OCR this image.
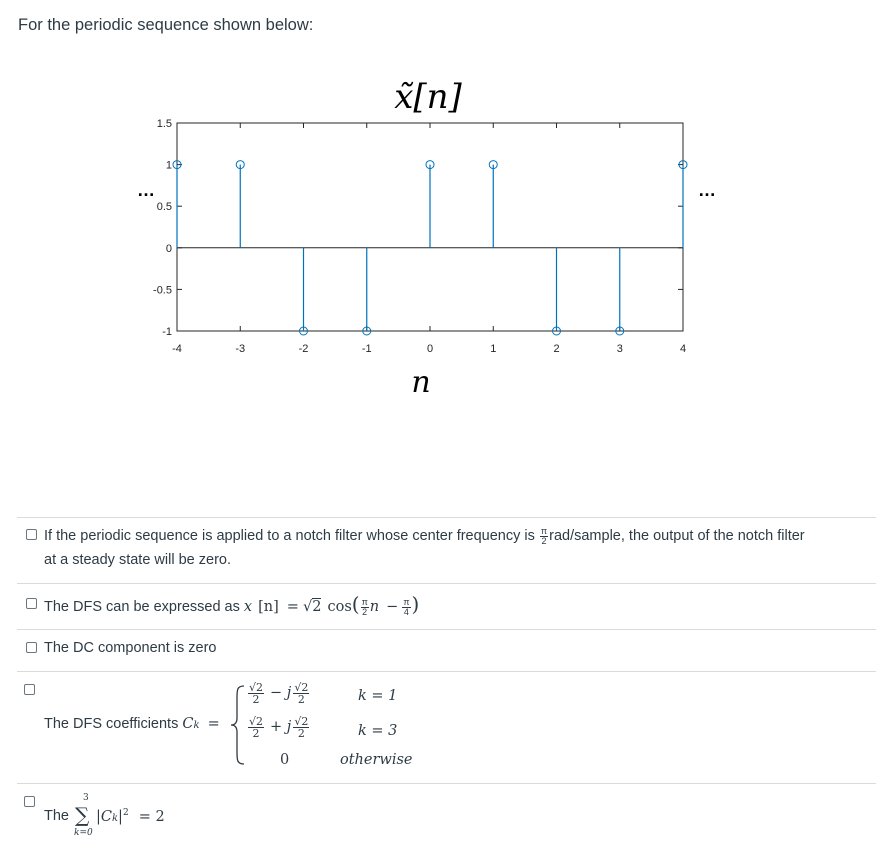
For the periodic sequence shown below:
x̃[n]
-4	-3	-2	-1	0	1	2	3	4
1.5
1
0.5
0
-0.5
-1
…	…
n
If the periodic sequence is applied to a notch filter whose center frequency is $\frac{\pi}{2}$ rad/sample, the output of the notch filter
at a steady state will be zero.
The DFS can be expressed as x [n] = √2 $\cos( \frac{\pi}{2}$ $n - \frac{\pi}{4}$ )
The DC component is zero
The DFS coefficients Ck =
$\frac{√2}{2} - j \frac{√2}{2}$	k = 1
$\frac{√2}{2} + j \frac{√2}{2}$	k = 3
0	otherwise
The
3
∑
k=0
$|Ck|^2 = 2$
